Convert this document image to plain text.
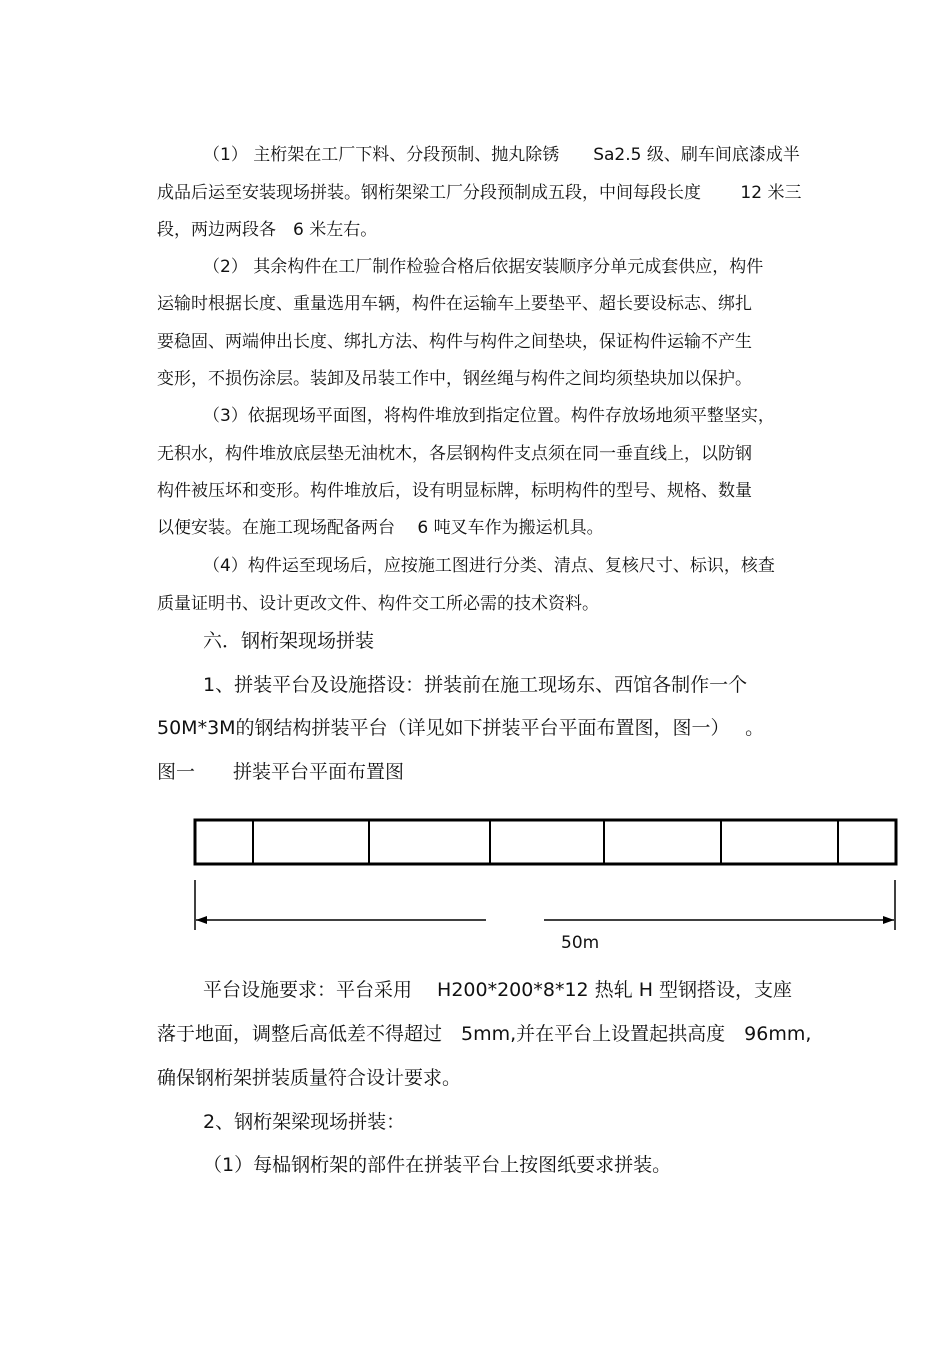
（1） 主桁架在工厂下料、分段预制、抛丸除锈　　Sa2.5 级、刷车间底漆成半
成品后运至安装现场拼装。钢桁架梁工厂分段预制成五段，中间每段长度　　 12 米三
段，两边两段各　6 米左右。
（2） 其余构件在工厂制作检验合格后依据安装顺序分单元成套供应，构件
运输时根据长度、重量选用车辆，构件在运输车上要垫平、超长要设标志、绑扎
要稳固、两端伸出长度、绑扎方法、构件与构件之间垫块，保证构件运输不产生
变形，不损伤涂层。装卸及吊装工作中，钢丝绳与构件之间均须垫块加以保护。
（3）依据现场平面图，将构件堆放到指定位置。构件存放场地须平整坚实，
无积水，构件堆放底层垫无油枕木，各层钢构件支点须在同一垂直线上，以防钢
构件被压坏和变形。构件堆放后，设有明显标牌，标明构件的型号、规格、数量
以便安装。在施工现场配备两台　 6 吨叉车作为搬运机具。
（4）构件运至现场后，应按施工图进行分类、清点、复核尺寸、标识，核查
质量证明书、设计更改文件、构件交工所必需的技术资料。
六．钢桁架现场拼装
1、拼装平台及设施搭设：拼装前在施工现场东、西馆各制作一个
50M*3M的钢结构拼装平台（详见如下拼装平台平面布置图，图一）　 。
图一　　拼装平台平面布置图
50m
平台设施要求：平台采用　 H200*200*8*12 热轧 H 型钢搭设，支座
落于地面，调整后高低差不得超过　5mm,并在平台上设置起拱高度　96mm,
确保钢桁架拼装质量符合设计要求。
2、钢桁架梁现场拼装：
（1）每榀钢桁架的部件在拼装平台上按图纸要求拼装。
